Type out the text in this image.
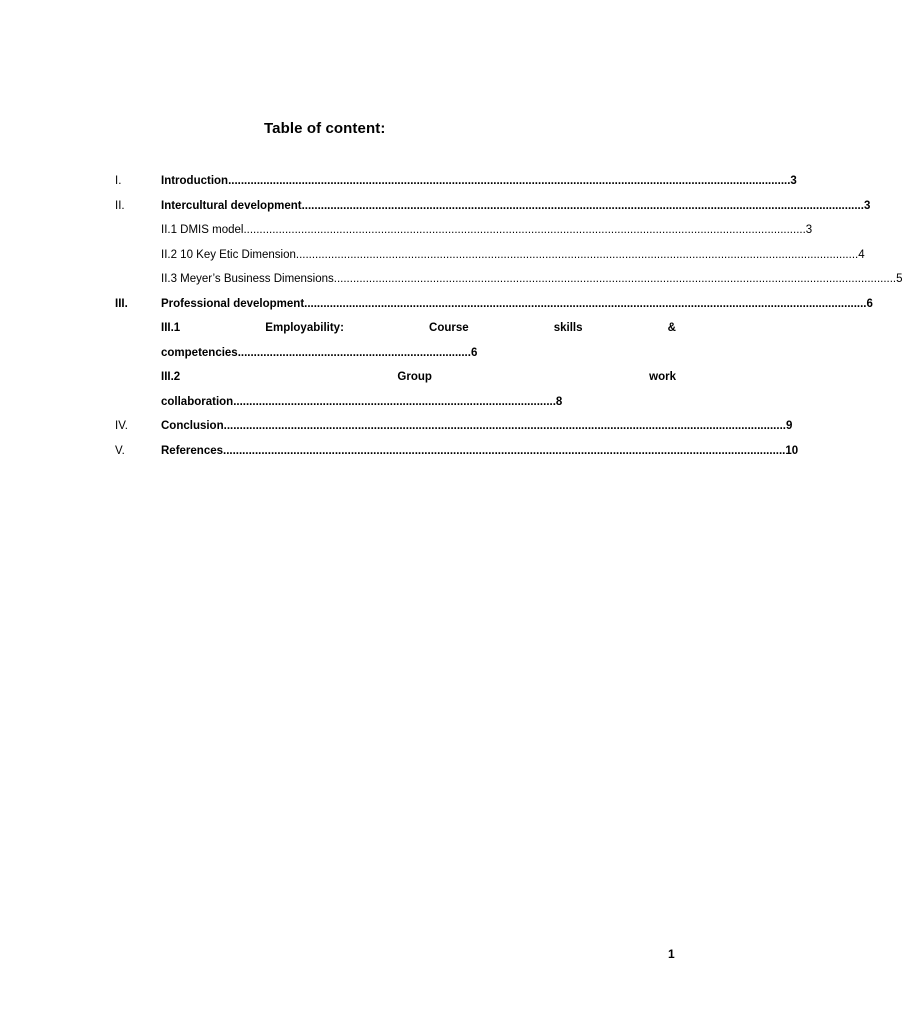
Table of content:
I.	Introduction ................................................................................................................................................................................ 3
II.	Intercultural development ................................................................................................................................................................................ 3
II.1 DMIS model ................................................................................................................................................................................ 3
II.2 10 Key Etic Dimension ................................................................................................................................................................................ 4
II.3 Meyer’s Business Dimensions ................................................................................................................................................................................ 5
III.	Professional development ................................................................................................................................................................................ 6
III.1	Employability:	Course	skills	&
competencies ......................................................................... 6
III.2	Group	work
collaboration ..................................................................................................... 8
IV.	Conclusion ................................................................................................................................................................................ 9
V.	References ................................................................................................................................................................................ 10
1
